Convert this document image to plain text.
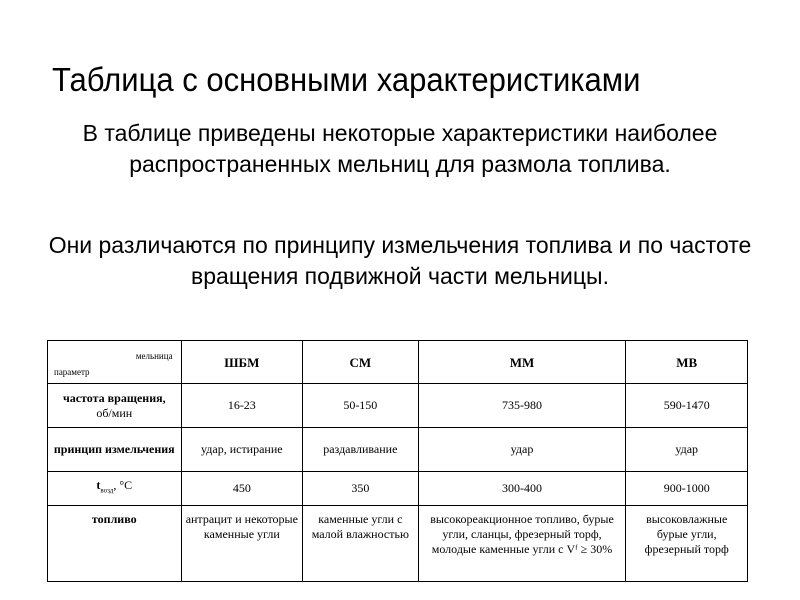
Таблица с основными характеристиками
В таблице приведены некоторые характеристики наиболее распространенных мельниц для размола топлива.
Они различаются по принципу измельчения топлива и по частоте вращения подвижной части мельницы.
мельница
параметр	ШБМ	СМ	ММ	МВ
частота вращения,
об/мин	16-23	50-150	735-980	590-1470
принцип измельчения	удар, истирание	раздавливание	удар	удар
$t_{возд}$, °С	450	350	300-400	900-1000
топливо	антрацит и некоторые каменные угли	каменные угли с малой влажностью	высокореакционное топливо, бурые угли, сланцы, фрезерный торф, молодые каменные угли с Vᶠ ≥ 30%	высоковлажные бурые угли, фрезерный торф
